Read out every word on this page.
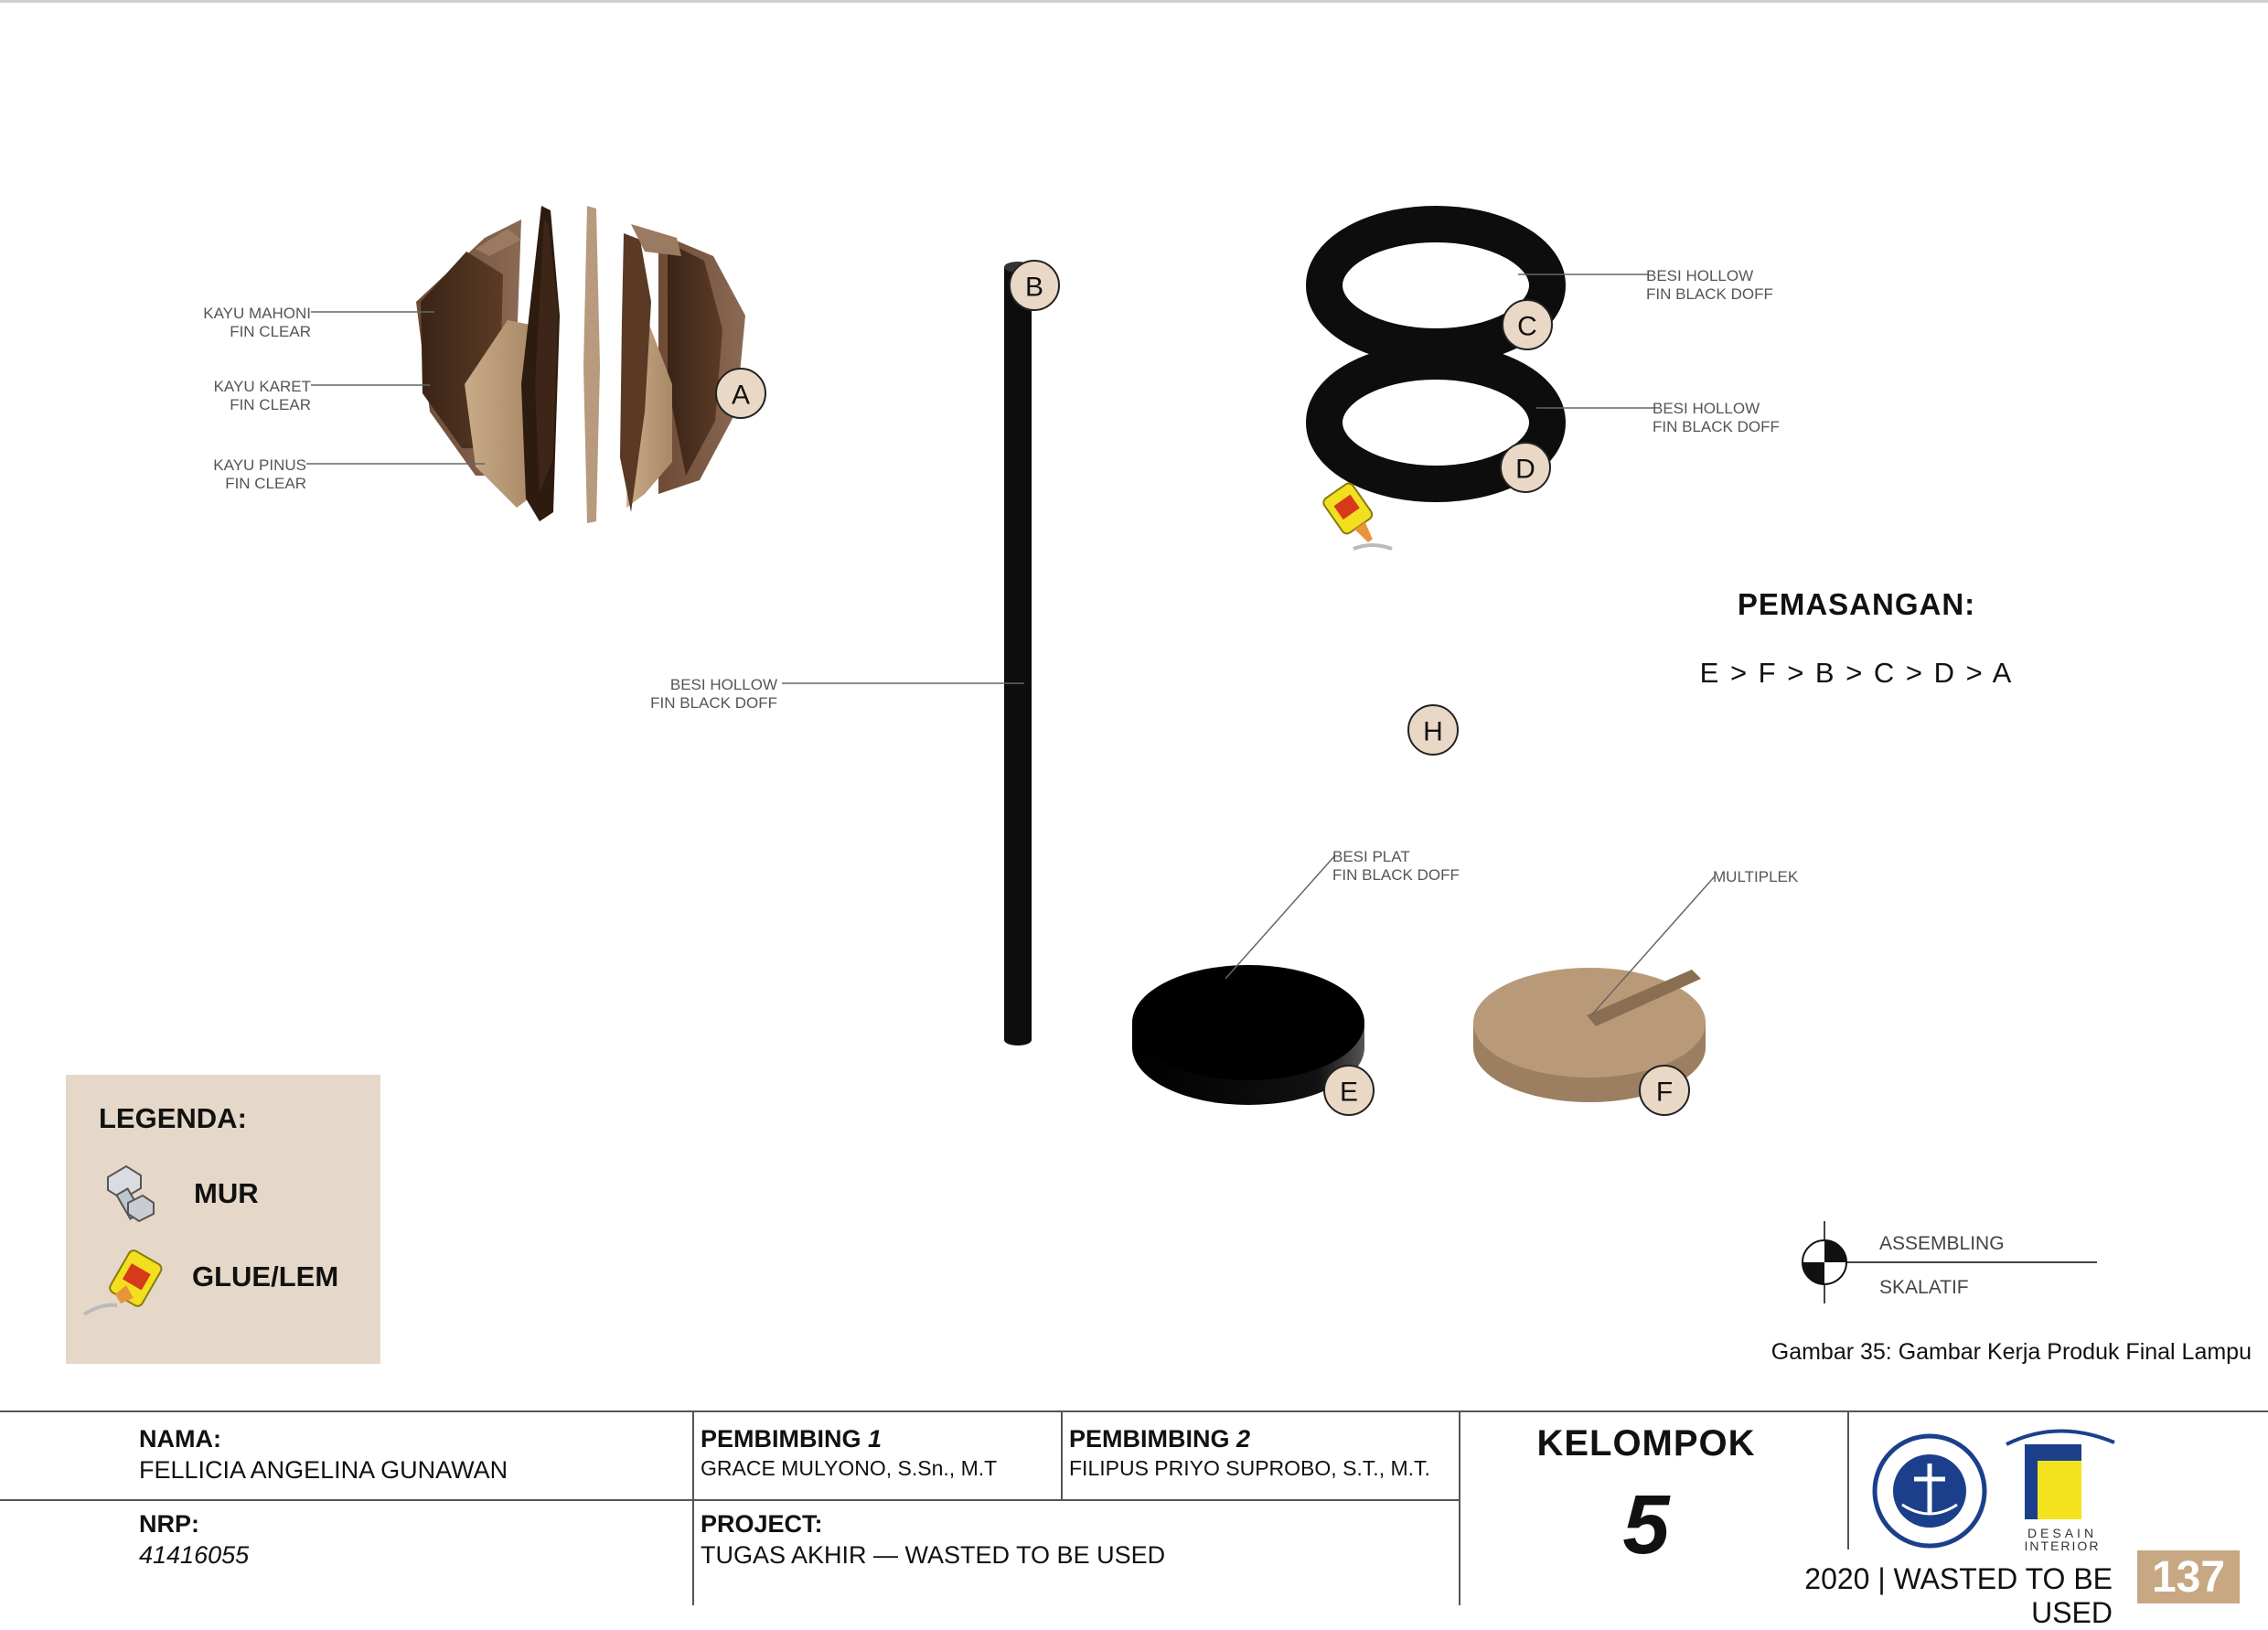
KAYU MAHONI
FIN CLEAR
KAYU KARET
FIN CLEAR
KAYU PINUS
FIN CLEAR
BESI HOLLOW
FIN BLACK DOFF
BESI HOLLOW
FIN BLACK DOFF
BESI HOLLOW
FIN BLACK DOFF
BESI PLAT
FIN BLACK DOFF	MULTIPLEK
A
B
C
D
H
E	F
ASSEMBLING
SKALATIF
PEMASANGAN:
E > F > B > C > D > A
Gambar 35: Gambar Kerja Produk Final Lampu
LEGENDA:
MUR
GLUE/LEM
NAMA:
FELLICIA ANGELINA GUNAWAN
NRP:
41416055
PEMBIMBING 1
GRACE MULYONO, S.Sn., M.T
PEMBIMBING 2
FILIPUS PRIYO SUPROBO, S.T., M.T.
PROJECT:
TUGAS AKHIR — WASTED TO BE USED
KELOMPOK
5	DESAIN
INTERIOR
2020 | WASTED TO BE USED
137
